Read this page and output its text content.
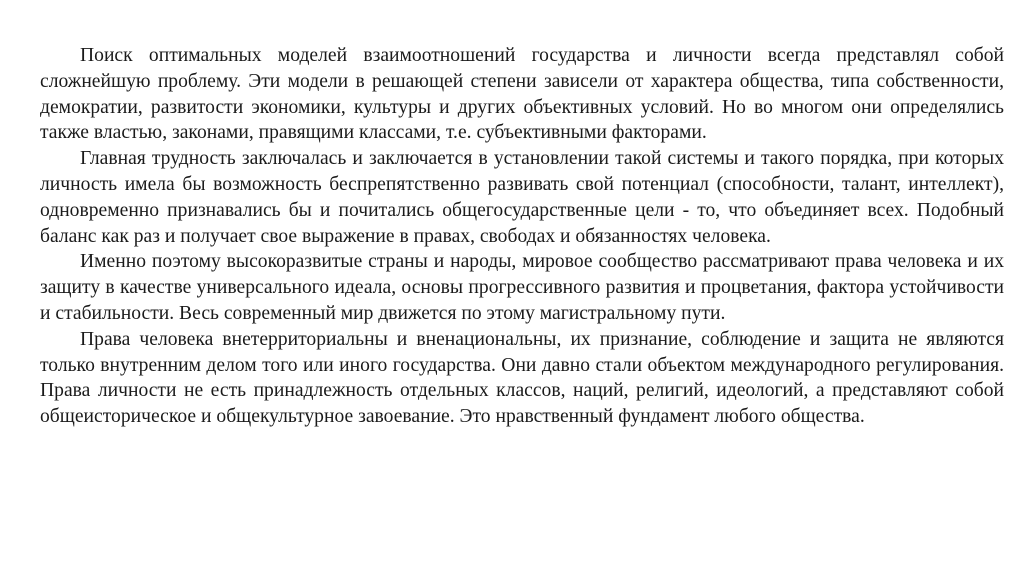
Поиск оптимальных моделей взаимоотношений государства и личности всегда представлял собой сложнейшую проблему. Эти модели в решающей степени зависели от характера общества, типа собственности, демократии, развитости экономики, культуры и других объективных условий. Но во многом они определялись также властью, законами, правящими классами, т.е. субъективными факторами.

Главная трудность заключалась и заключается в установлении такой системы и такого порядка, при которых личность имела бы возможность беспрепятственно развивать свой потенциал (способности, талант, интеллект), одновременно признавались бы и почитались общегосударственные цели - то, что объединяет всех. Подобный баланс как раз и получает свое выражение в правах, свободах и обязанностях человека.

Именно поэтому высокоразвитые страны и народы, мировое сообщество рассматривают права человека и их защиту в качестве универсального идеала, основы прогрессивного развития и процветания, фактора устойчивости и стабильности. Весь современный мир движется по этому магистральному пути.

Права человека внетерриториальны и вненациональны, их признание, соблюдение и защита не являются только внутренним делом того или иного государства. Они давно стали объектом международного регулирования. Права личности не есть принадлежность отдельных классов, наций, религий, идеологий, а представляют собой общеисторическое и общекультурное завоевание. Это нравственный фундамент любого общества.
